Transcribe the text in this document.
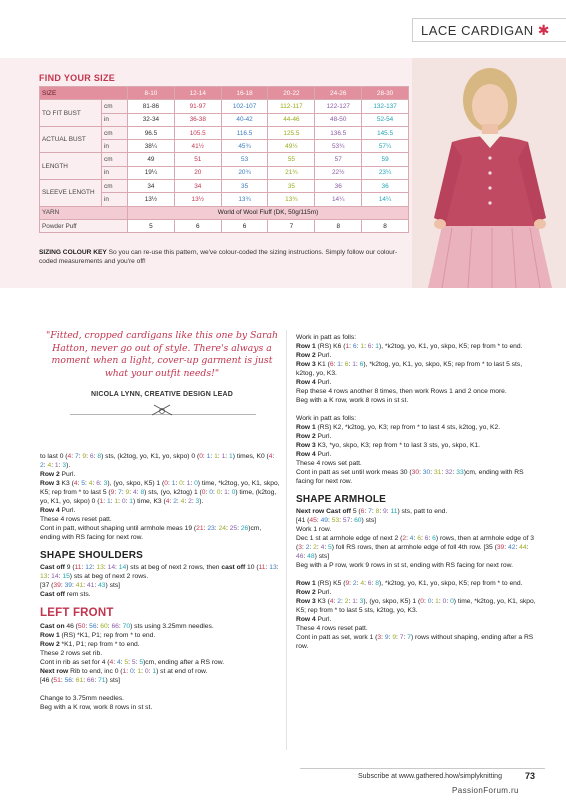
LACE CARDIGAN ✱
FIND YOUR SIZE
SIZE		8-10	12-14	16-18	20-22	24-26	28-30
TO FIT BUST	cm	81-86	91-97	102-107	112-117	122-127	132-137
	in	32-34	36-38	40-42	44-46	48-50	52-54
ACTUAL BUST	cm	96.5	105.5	116.5	125.5	136.5	145.5
	in	38¼	41½	45¾	49½	53¾	57¼
LENGTH	cm	49	51	53	55	57	59
	in	19¼	20	20¾	21¾	22½	23¼
SLEEVE LENGTH	cm	34	34	35	35	36	36
	in	13½	13½	13¾	13¾	14¼	14¼
YARN		World of Wool Fluff (DK, 50g/115m)					
Powder Puff		5	6	6	7	8	8
SIZING COLOUR KEY So you can re-use this pattern, we've colour-coded the sizing instructions. Simply follow our colour-coded measurements and you're off!
"Fitted, cropped cardigans like this one by Sarah Hatton, never go out of style. There's always a moment when a light, cover-up garment is just what your outfit needs!"
NICOLA LYNN, CREATIVE DESIGN LEAD

to last 0 (4: 7: 9: 6: 8) sts, (k2tog, yo, K1, yo, skpo) 0 (0: 1: 1: 1: 1) times, K0 (4: 2: 4: 1: 3).
Row 2 Purl.
Row 3 K3 (4: 5: 4: 6: 3), (yo, skpo, K5) 1 (0: 1: 0: 1: 0) time, *k2tog, yo, K1, skpo, K5; rep from * to last 5 (9: 7: 9: 4: 8) sts, (yo, k2tog) 1 (0: 0: 0: 1: 0) time, (k2tog, yo, K1, yo, skpo) 0 (1: 1: 1: 0: 1) time, K3 (4: 2: 4: 2: 3).
Row 4 Purl.
These 4 rows reset patt.
Cont in patt, without shaping until armhole meas 19 (21: 23: 24: 25: 26)cm, ending with RS facing for next row.

SHAPE SHOULDERS

Cast off 9 (11: 12: 13: 14: 14) sts at beg of next 2 rows, then cast off 10 (11: 13: 13: 14: 15) sts at beg of next 2 rows.
[37 (39: 39: 41: 41: 43) sts]
Cast off rem sts.

LEFT FRONT

Cast on 46 (50: 56: 60: 66: 70) sts using 3.25mm needles.
Row 1 (RS) *K1, P1; rep from * to end.
Row 2 *K1, P1; rep from * to end.
These 2 rows set rib.
Cont in rib as set for 4 (4: 4: 5: 5: 5)cm, ending after a RS row.
Next row Rib to end, inc 0 (1: 0: 1: 0: 1) st at end of row.
[46 (51: 56: 61: 66: 71) sts]

Change to 3.75mm needles.
Beg with a K row, work 8 rows in st st.

Work in patt as folls:
Row 1 (RS) K6 (1: 6: 1: 6: 1), *k2tog, yo, K1, yo, skpo, K5; rep from * to end.
Row 2 Purl.
Row 3 K1 (6: 1: 6: 1: 6), *k2tog, yo, K1, yo, skpo, K5; rep from * to last 5 sts, k2tog, yo, K3.
Row 4 Purl.
Rep these 4 rows another 8 times, then work Rows 1 and 2 once more.
Beg with a K row, work 8 rows in st st.

Work in patt as folls:
Row 1 (RS) K2, *k2tog, yo, K3; rep from * to last 4 sts, k2tog, yo, K2.
Row 2 Purl.
Row 3 K3, *yo, skpo, K3; rep from * to last 3 sts, yo, skpo, K1.
Row 4 Purl.
These 4 rows set patt.
Cont in patt as set until work meas 30 (30: 30: 31: 32: 33)cm, ending with RS facing for next row.

SHAPE ARMHOLE

Next row Cast off 5 (6: 7: 8: 9: 11) sts, patt to end.
[41 (45: 49: 53: 57: 60) sts]
Work 1 row.
Dec 1 st at armhole edge of next 2 (2: 4: 6: 6: 6) rows, then at armhole edge of 3 (3: 2: 2: 4: 5) foll RS rows, then at armhole edge of foll 4th row. [35 (39: 42: 44: 46: 48) sts]
Beg with a P row, work 9 rows in st st, ending with RS facing for next row.

Row 1 (RS) K5 (9: 2: 4: 6: 8), *k2tog, yo, K1, yo, skpo, K5; rep from * to end.
Row 2 Purl.
Row 3 K3 (4: 2: 2: 1: 3), (yo, skpo, K5) 1 (0: 0: 1: 0: 0) time, *k2tog, yo, K1, skpo, K5; rep from * to last 5 sts, k2tog, yo, K3.
Row 4 Purl.
These 4 rows reset patt.
Cont in patt as set, work 1 (3: 9: 9: 7: 7) rows without shaping, ending after a RS row.

Subscribe at www.gathered.how/simplyknitting	73
PassionForum.ru
